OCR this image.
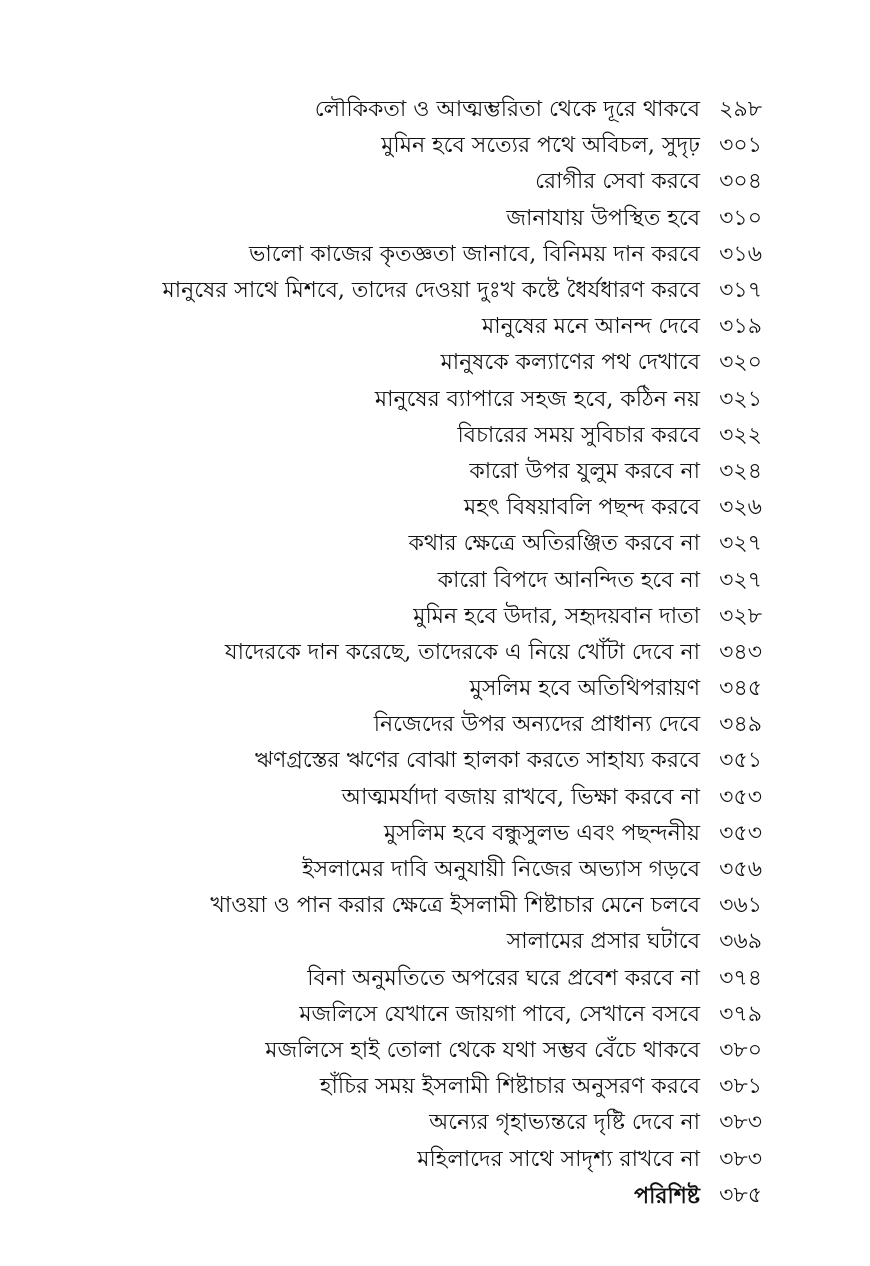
লৌকিকতা ও আত্মম্ভরিতা থেকে দূরে থাকবে ২৯৮
মুমিন হবে সত্যের পথে অবিচল, সুদৃঢ় ৩০১
রোগীর সেবা করবে ৩০৪
জানাযায় উপস্থিত হবে ৩১০
ভালো কাজের কৃতজ্ঞতা জানাবে, বিনিময় দান করবে ৩১৬
মানুষের সাথে মিশবে, তাদের দেওয়া দুঃখ কষ্টে ধৈর্যধারণ করবে ৩১৭
মানুষের মনে আনন্দ দেবে ৩১৯
মানুষকে কল্যাণের পথ দেখাবে ৩২০
মানুষের ব্যাপারে সহজ হবে, কঠিন নয় ৩২১
বিচারের সময় সুবিচার করবে ৩২২
কারো উপর যুলুম করবে না ৩২৪
মহৎ বিষয়াবলি পছন্দ করবে ৩২৬
কথার ক্ষেত্রে অতিরঞ্জিত করবে না ৩২৭
কারো বিপদে আনন্দিত হবে না ৩২৭
মুমিন হবে উদার, সহৃদয়বান দাতা ৩২৮
যাদেরকে দান করেছে, তাদেরকে এ নিয়ে খোঁটা দেবে না ৩৪৩
মুসলিম হবে অতিথিপরায়ণ ৩৪৫
নিজেদের উপর অন্যদের প্রাধান্য দেবে ৩৪৯
ঋণগ্রস্তের ঋণের বোঝা হালকা করতে সাহায্য করবে ৩৫১
আত্মমর্যাদা বজায় রাখবে, ভিক্ষা করবে না ৩৫৩
মুসলিম হবে বন্ধুসুলভ এবং পছন্দনীয় ৩৫৩
ইসলামের দাবি অনুযায়ী নিজের অভ্যাস গড়বে ৩৫৬
খাওয়া ও পান করার ক্ষেত্রে ইসলামী শিষ্টাচার মেনে চলবে ৩৬১
সালামের প্রসার ঘটাবে ৩৬৯
বিনা অনুমতিতে অপরের ঘরে প্রবেশ করবে না ৩৭৪
মজলিসে যেখানে জায়গা পাবে, সেখানে বসবে ৩৭৯
মজলিসে হাই তোলা থেকে যথা সম্ভব বেঁচে থাকবে ৩৮০
হাঁচির সময় ইসলামী শিষ্টাচার অনুসরণ করবে ৩৮১
অন্যের গৃহাভ্যন্তরে দৃষ্টি দেবে না ৩৮৩
মহিলাদের সাথে সাদৃশ্য রাখবে না ৩৮৩
পরিশিষ্ট ৩৮৫
